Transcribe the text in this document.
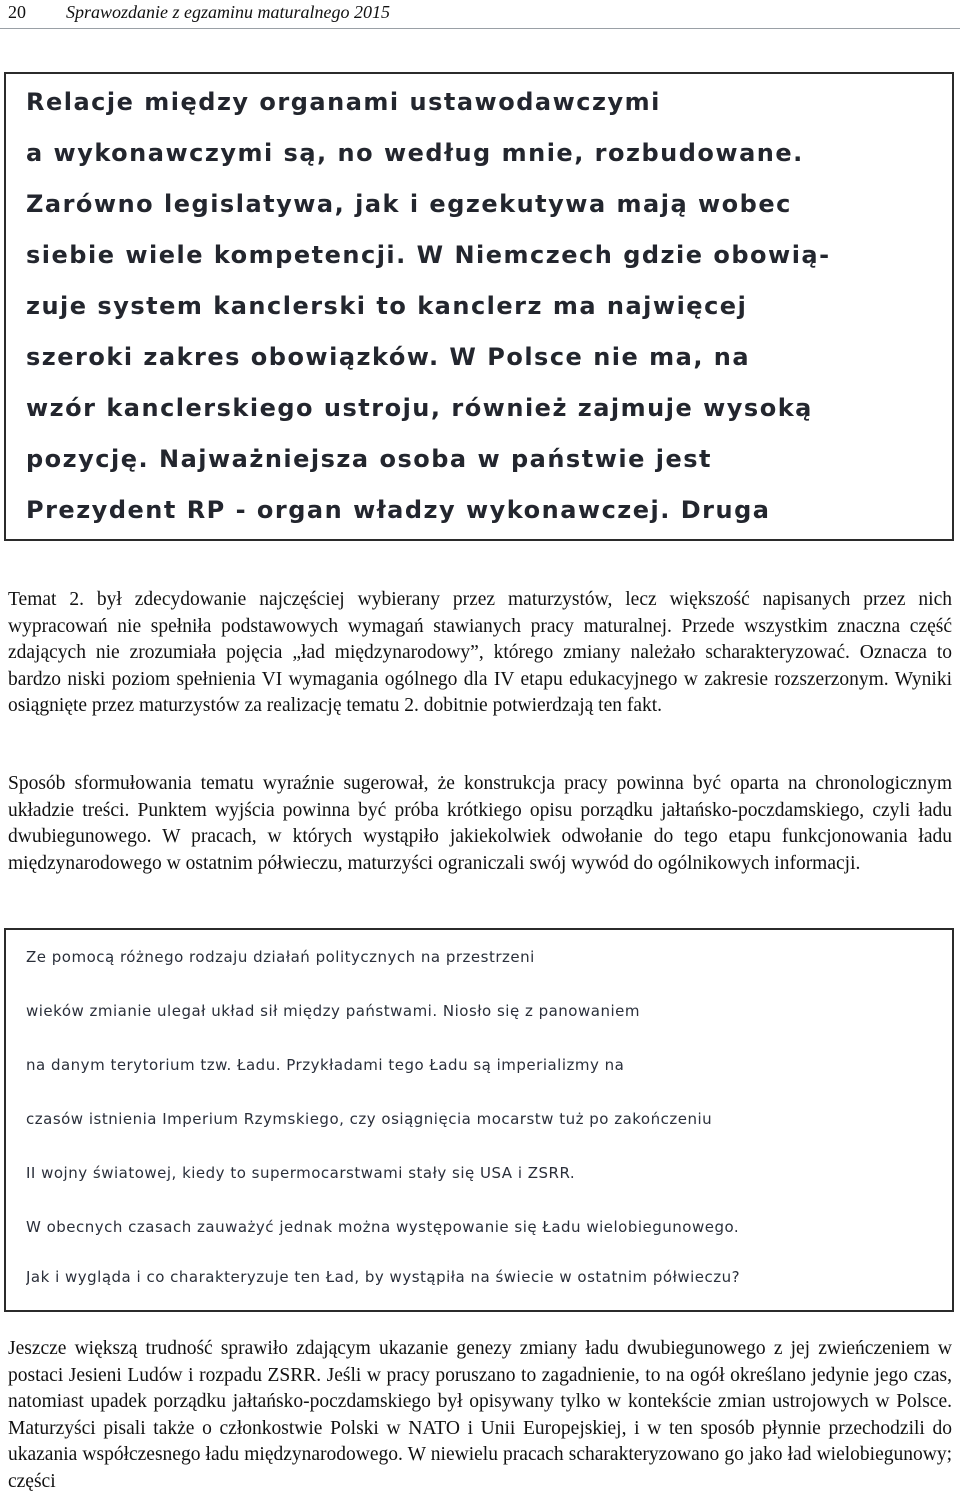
20 Sprawozdanie z egzaminu maturalnego 2015
Relacje między organami ustawodawczymi
a wykonawczymi są, no według mnie, rozbudowane.
Zarówno legislatywa, jak i egzekutywa mają wobec
siebie wiele kompetencji. W Niemczech gdzie obowią-
zuje system kanclerski to kanclerz ma najwięcej
szeroki zakres obowiązków. W Polsce nie ma, na
wzór kanclerskiego ustroju, również zajmuje wysoką
pozycję. Najważniejsza osoba w państwie jest
Prezydent RP - organ władzy wykonawczej. Druga

Temat 2. był zdecydowanie najczęściej wybierany przez maturzystów, lecz większość napisanych przez nich wypracowań nie spełniła podstawowych wymagań stawianych pracy maturalnej. Przede wszystkim znaczna część zdających nie zrozumiała pojęcia „ład międzynarodowy”, którego zmiany należało scharakteryzować. Oznacza to bardzo niski poziom spełnienia VI wymagania ogólnego dla IV etapu edukacyjnego w zakresie rozszerzonym. Wyniki osiągnięte przez maturzystów za realizację tematu 2. dobitnie potwierdzają ten fakt.

Sposób sformułowania tematu wyraźnie sugerował, że konstrukcja pracy powinna być oparta na chronologicznym układzie treści. Punktem wyjścia powinna być próba krótkiego opisu porządku jałtańsko-poczdamskiego, czyli ładu dwubiegunowego. W pracach, w których wystąpiło jakiekolwiek odwołanie do tego etapu funkcjonowania ładu międzynarodowego w ostatnim półwieczu, maturzyści ograniczali swój wywód do ogólnikowych informacji.

Ze pomocą różnego rodzaju działań politycznych na przestrzeni
wieków zmianie ulegał układ sił między państwami. Niosło się z panowaniem
na danym terytorium tzw. Ładu. Przykładami tego Ładu są imperializmy na
czasów istnienia Imperium Rzymskiego, czy osiągnięcia mocarstw tuż po zakończeniu
II wojny światowej, kiedy to supermocarstwami stały się USA i ZSRR.
W obecnych czasach zauważyć jednak można występowanie się Ładu wielobiegunowego.
Jak i wygląda i co charakteryzuje ten Ład, by wystąpiła na świecie w ostatnim półwieczu?

Jeszcze większą trudność sprawiło zdającym ukazanie genezy zmiany ładu dwubiegunowego z jej zwieńczeniem w postaci Jesieni Ludów i rozpadu ZSRR. Jeśli w pracy poruszano to zagadnienie, to na ogół określano jedynie jego czas, natomiast upadek porządku jałtańsko-poczdamskiego był opisywany tylko w kontekście zmian ustrojowych w Polsce. Maturzyści pisali także o członkostwie Polski w NATO i Unii Europejskiej, i w ten sposób płynnie przechodzili do ukazania współczesnego ładu międzynarodowego. W niewielu pracach scharakteryzowano go jako ład wielobiegunowy; części
